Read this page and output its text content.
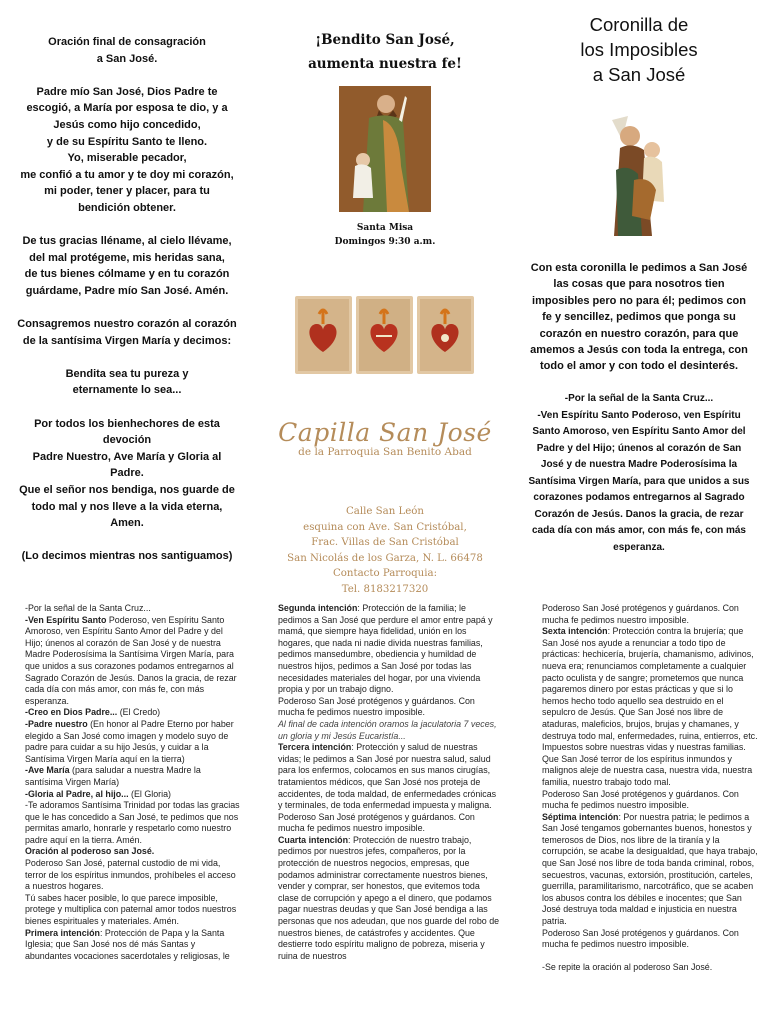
Oración final de consagración
a San José.

Padre mío San José, Dios Padre te
escogió, a María por esposa te dio, y a
Jesús como hijo concedido,
y de su Espíritu Santo te lleno.
Yo, miserable pecador,
me confió a tu amor y te doy mi corazón,
mi poder, tener y placer, para tu
bendición obtener.

De tus gracias lléname, al cielo llévame,
del mal protégeme, mis heridas sana,
de tus bienes cólmame y en tu corazón
guárdame, Padre mío San José. Amén.

Consagremos nuestro corazón al corazón
de la santísima Virgen María y decimos:

Bendita sea tu pureza y
eternamente lo sea...

Por todos los bienhechores de esta
devoción
Padre Nuestro, Ave María y Gloria al
Padre.
Que el señor nos bendiga, nos guarde de
todo mal y nos lleve a la vida eterna,
Amen.

(Lo decimos mientras nos santiguamos)

¡Bendito San José,
aumenta nuestra fe!
Santa Misa
Domingos 9:30 a.m.
Capilla San José
de la Parroquia San Benito Abad
Calle San León
esquina con Ave. San Cristóbal,
Frac. Villas de San Cristóbal
San Nicolás de los Garza, N. L. 66478
Contacto Parroquia:
Tel. 8183217320
Coronilla de
los Imposibles
a San José

Con esta coronilla le pedimos a San José las cosas que para nosotros tien imposibles pero no para él; pedimos con fe y sencillez, pedimos que ponga su corazón en nuestro corazón, para que amemos a Jesús con toda la entrega, con todo el amor y con todo el desinterés.

-Por la señal de la Santa Cruz...
-Ven Espíritu Santo Poderoso, ven Espíritu Santo Amoroso, ven Espíritu Santo Amor del Padre y del Hijo; únenos al corazón de San José y de nuestra Madre Poderosísima la Santísima Virgen María, para que unidos a sus corazones podamos entregarnos al Sagrado Corazón de Jesús. Danos la gracia, de rezar cada día con más amor, con más fe, con más esperanza.

-Por la señal de la Santa Cruz...

-Ven Espíritu Santo Poderoso, ven Espíritu Santo Amoroso, ven Espíritu Santo Amor del Padre y del Hijo; únenos al corazón de San José y de nuestra Madre Poderosísima la Santísima Virgen María, para que unidos a sus corazones podamos entregarnos al Sagrado Corazón de Jesús. Danos la gracia, de rezar cada día con más amor, con más fe, con más esperanza.

-Creo en Dios Padre... (El Credo)

-Padre nuestro (En honor al Padre Eterno por haber elegido a San José como imagen y modelo suyo de padre para cuidar a su hijo Jesús, y cuidar a la Santísima Virgen María aquí en la tierra)

-Ave María (para saludar a nuestra Madre la santísima Virgen María)

-Gloria al Padre, al hijo... (El Gloria)

-Te adoramos Santísima Trinidad por todas las gracias que le has concedido a San José, te pedimos que nos permitas amarlo, honrarle y respetarlo como nuestro padre aquí en la tierra. Amén.

Oración al poderoso san José.

Poderoso San José, paternal custodio de mi vida, terror de los espíritus inmundos, prohíbeles el acceso a nuestros hogares.
Tú sabes hacer posible, lo que parece imposible, protege y multiplica con paternal amor todos nuestros bienes espirituales y materiales. Amén.

Primera intención: Protección de Papa y la Santa Iglesia; que San José nos dé más Santas y abundantes vocaciones sacerdotales y religiosas, le

Segunda intención: Protección de la familia; le pedimos a San José que perdure el amor entre papá y mamá, que siempre haya fidelidad, unión en los hogares, que nada ni nadie divida nuestras familias, pedimos mansedumbre, obediencia y humildad de nuestros hijos, pedimos a San José por todas las necesidades materiales del hogar, por una vivienda propia y por un trabajo digno.

Poderoso San José protégenos y guárdanos. Con mucha fe pedimos nuestro imposible.

Al final de cada intención oramos la jaculatoria 7 veces, un gloria y mi Jesús Eucaristía...

Tercera intención: Protección y salud de nuestras vidas; le pedimos a San José por nuestra salud, salud para los enfermos, colocamos en sus manos cirugías, tratamientos médicos, que San José nos proteja de accidentes, de toda maldad, de enfermedades crónicas y terminales, de toda enfermedad impuesta y maligna.

Poderoso San José protégenos y guárdanos. Con mucha fe pedimos nuestro imposible.

Cuarta intención: Protección de nuestro trabajo, pedimos por nuestros jefes, compañeros, por la protección de nuestros negocios, empresas, que podamos administrar correctamente nuestros bienes, vender y comprar, ser honestos, que evitemos toda clase de corrupción y apego a el dinero, que podamos pagar nuestras deudas y que San José bendiga a las personas que nos adeudan, que nos guarde del robo de nuestros bienes, de catástrofes y accidentes. Que destierre todo espíritu maligno de pobreza, miseria y ruina de nuestros

Poderoso San José protégenos y guárdanos. Con mucha fe pedimos nuestro imposible.

Sexta intención: Protección contra la brujería; que San José nos ayude a renunciar a todo tipo de prácticas: hechicería, brujería, chamanismo, adivinos, nueva era; renunciamos completamente a cualquier pacto oculista y de sangre; prometemos que nunca pagaremos dinero por estas prácticas y que si lo hemos hecho todo aquello sea destruido en el sepulcro de Jesús. Que San José nos libre de ataduras, maleficios, brujos, brujas y chamanes, y destruya todo mal, enfermedades, ruina, entierros, etc. Impuestos sobre nuestras vidas y nuestras familias. Que San José terror de los espíritus inmundos y malignos aleje de nuestra casa, nuestra vida, nuestra familia, nuestro trabajo todo mal.

Poderoso San José protégenos y guárdanos. Con mucha fe pedimos nuestro imposible.

Séptima intención: Por nuestra patria; le pedimos a San José tengamos gobernantes buenos, honestos y temerosos de Dios, nos libre de la tiranía y la corrupción, se acabe la desigualdad, que haya trabajo, que San José nos libre de toda banda criminal, robos, secuestros, vacunas, extorsión, prostitución, carteles, guerrilla, paramilitarismo, narcotráfico, que se acaben los abusos contra los débiles e inocentes; que San José destruya toda maldad e injusticia en nuestra patria.

Poderoso San José protégenos y guárdanos. Con mucha fe pedimos nuestro imposible.

-Se repite la oración al poderoso San José.
